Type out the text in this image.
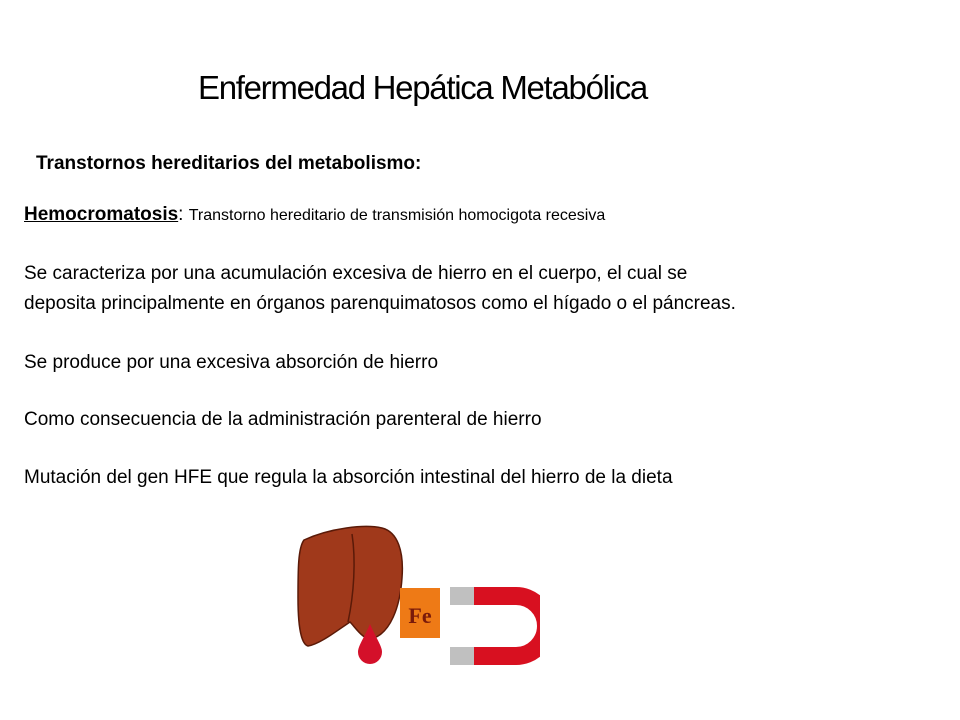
Enfermedad Hepática Metabólica
Transtornos hereditarios del metabolismo:
Hemocromatosis: Transtorno hereditario de transmisión homocigota recesiva
Se caracteriza por una acumulación excesiva de hierro en el cuerpo, el cual se
deposita principalmente en órganos parenquimatosos como el hígado o el páncreas.
Se produce por una excesiva absorción de hierro
Como consecuencia de la administración parenteral de hierro
Mutación del gen HFE que regula la absorción intestinal del hierro de la dieta
Fe
